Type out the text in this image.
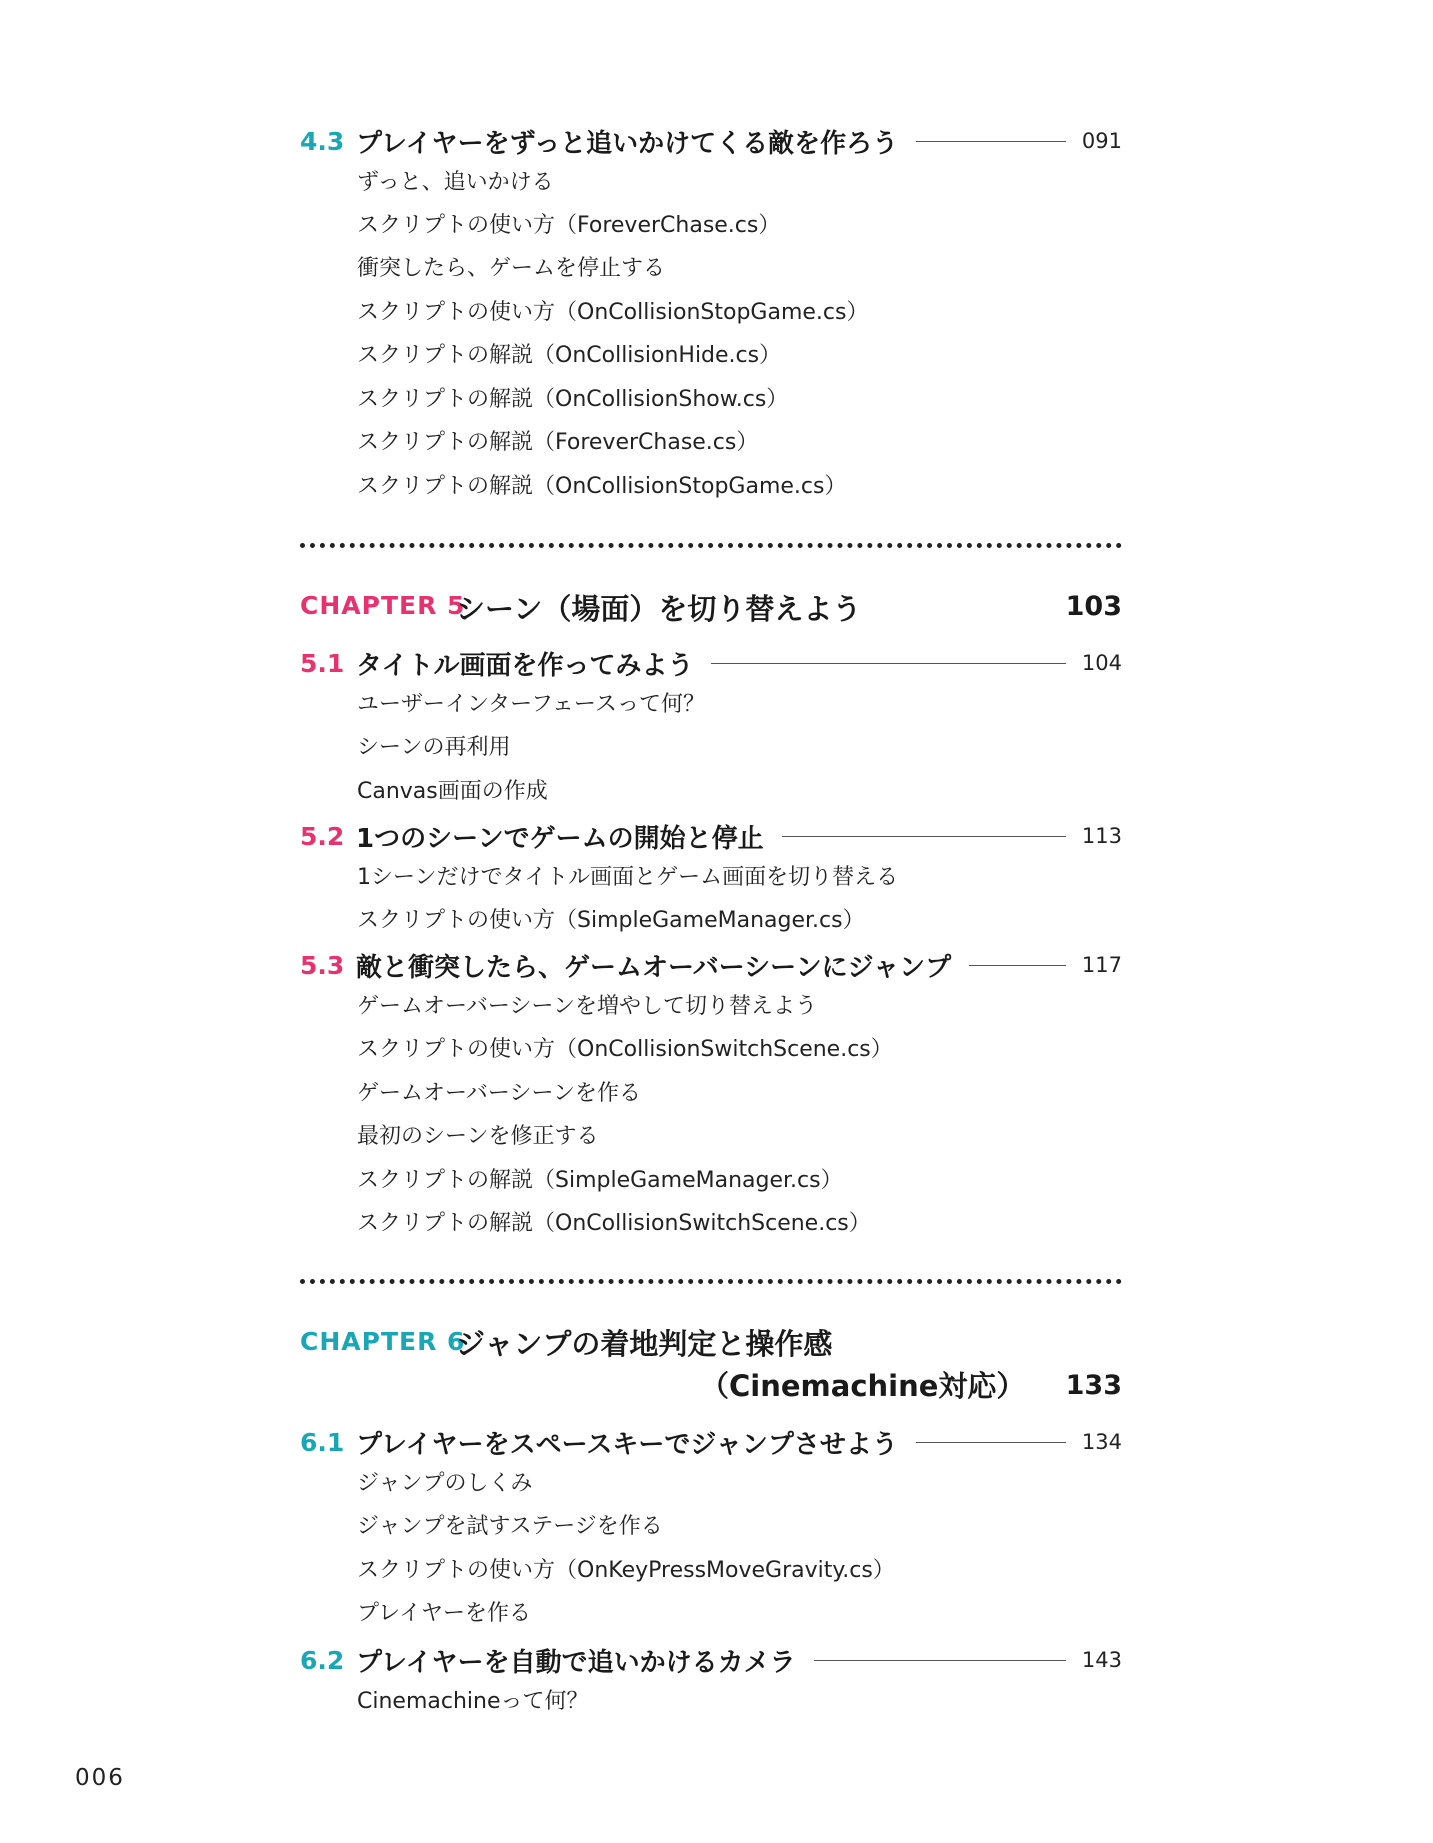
4.3 プレイヤーをずっと追いかけてくる敵を作ろう	091
ずっと、追いかける
スクリプトの使い方（ForeverChase.cs）
衝突したら、ゲームを停止する
スクリプトの使い方（OnCollisionStopGame.cs）
スクリプトの解説（OnCollisionHide.cs）
スクリプトの解説（OnCollisionShow.cs）
スクリプトの解説（ForeverChase.cs）
スクリプトの解説（OnCollisionStopGame.cs）
CHAPTER 5
シーン（場面）を切り替えよう	103
5.1 タイトル画面を作ってみよう	104
ユーザーインターフェースって何？
シーンの再利用
Canvas画面の作成
5.2 1つのシーンでゲームの開始と停止	113
1シーンだけでタイトル画面とゲーム画面を切り替える
スクリプトの使い方（SimpleGameManager.cs）
5.3 敵と衝突したら、ゲームオーバーシーンにジャンプ	117
ゲームオーバーシーンを増やして切り替えよう
スクリプトの使い方（OnCollisionSwitchScene.cs）
ゲームオーバーシーンを作る
最初のシーンを修正する
スクリプトの解説（SimpleGameManager.cs）
スクリプトの解説（OnCollisionSwitchScene.cs）
CHAPTER 6
ジャンプの着地判定と操作感
（Cinemachine対応） 133
6.1 プレイヤーをスペースキーでジャンプさせよう	134
ジャンプのしくみ
ジャンプを試すステージを作る
スクリプトの使い方（OnKeyPressMoveGravity.cs）
プレイヤーを作る
6.2 プレイヤーを自動で追いかけるカメラ	143
Cinemachineって何？
006
